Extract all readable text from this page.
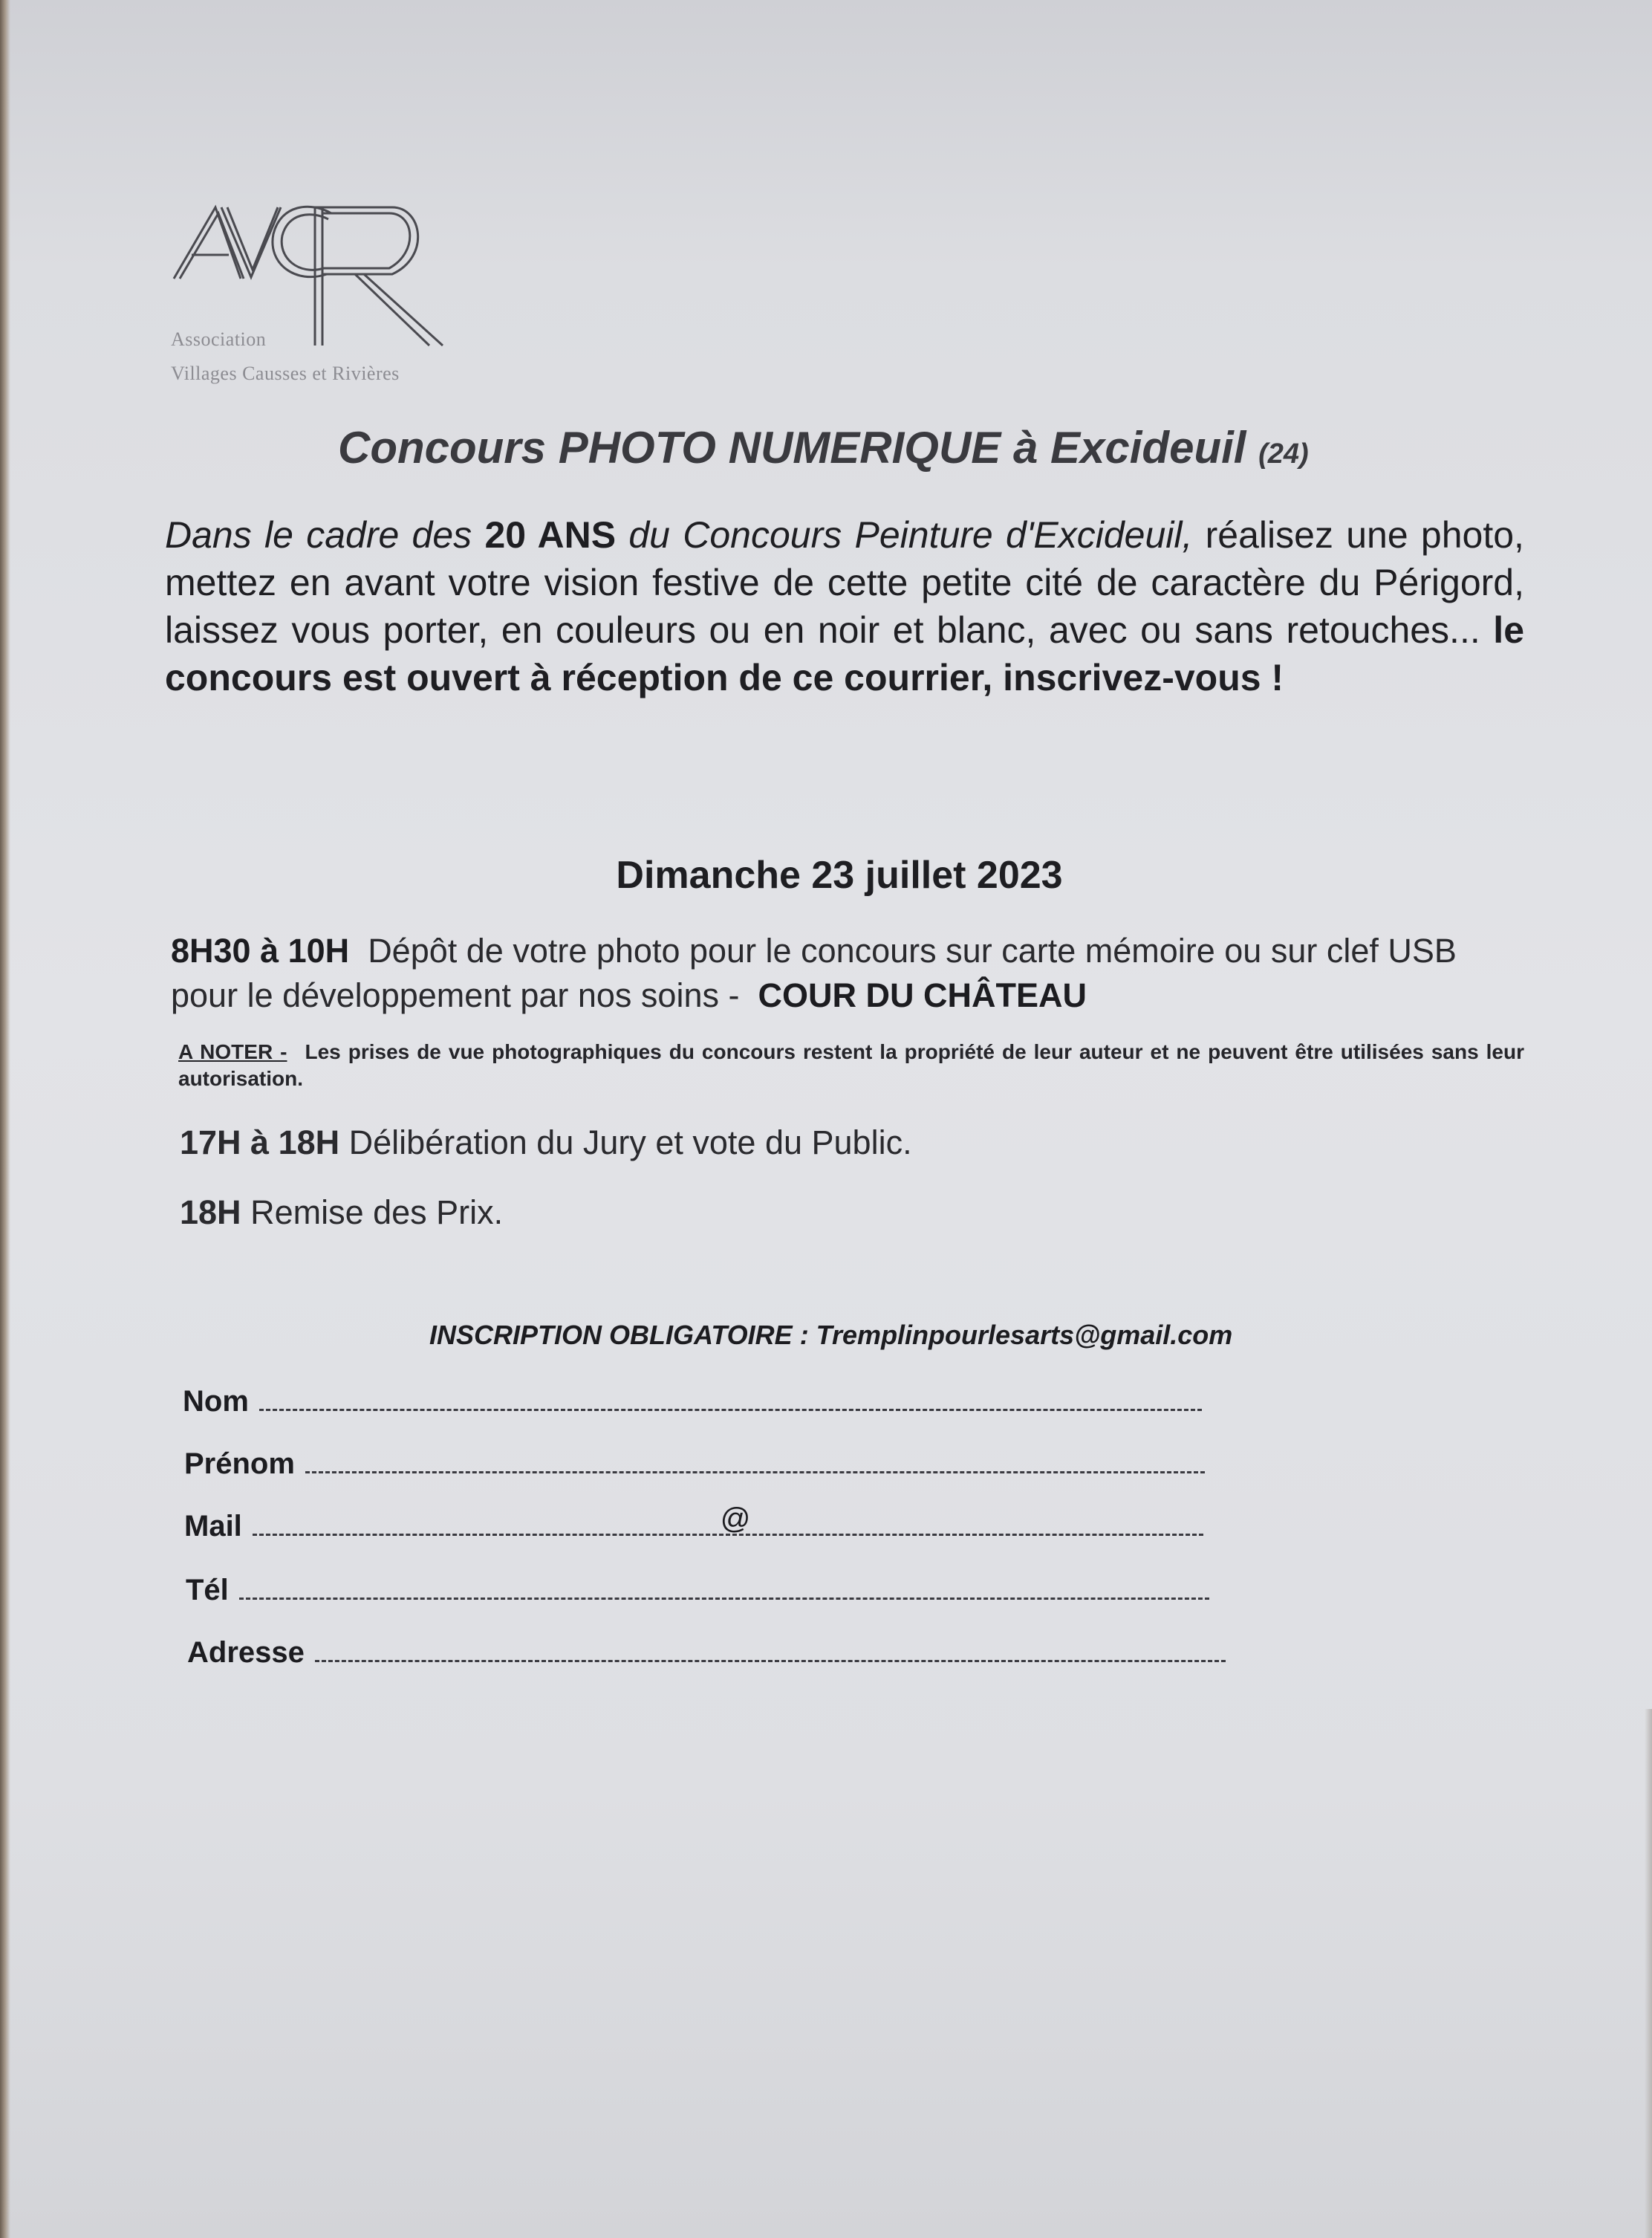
Association
Villages Causses et Rivières
Concours PHOTO NUMERIQUE à Excideuil (24)
Dans le cadre des 20 ANS du Concours Peinture d'Excideuil, réalisez une photo, mettez en avant votre vision festive de cette petite cité de caractère du Périgord, laissez vous porter, en couleurs ou en noir et blanc, avec ou sans retouches... le concours est ouvert à réception de ce courrier, inscrivez-vous !
Dimanche 23 juillet 2023
8H30 à 10H Dépôt de votre photo pour le concours sur carte mémoire ou sur clef USB pour le développement par nos soins - COUR DU CHÂTEAU
A NOTER - Les prises de vue photographiques du concours restent la propriété de leur auteur et ne peuvent être utilisées sans leur autorisation.
17H à 18H Délibération du Jury et vote du Public.
18H Remise des Prix.
INSCRIPTION OBLIGATOIRE : Tremplinpourlesarts@gmail.com
Nom
Prénom
Mail	@
Tél
Adresse
